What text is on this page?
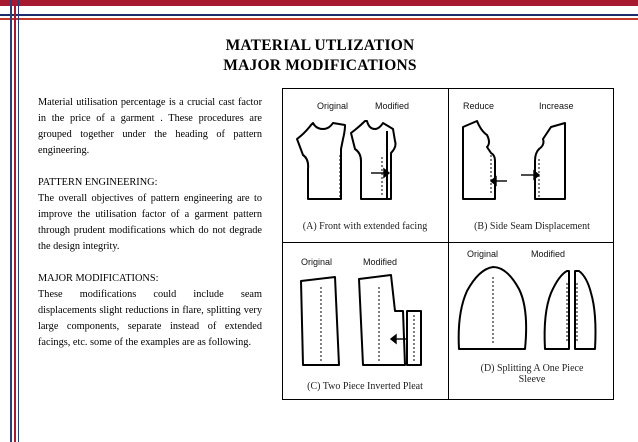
MATERIAL UTLIZATION
MAJOR MODIFICATIONS

Material utilisation percentage is a crucial cast factor in the price of a garment . These procedures are grouped together under the heading of pattern engineering.

PATTERN ENGINEERING:

The overall objectives of pattern engineering are to improve the utilisation factor of a garment pattern through prudent modifications which do not degrade the design integrity.

MAJOR MODIFICATIONS:

These modifications could include seam displacements slight reductions in flare, splitting very large components, separate instead of extended facings, etc. some of the examples are as following.

Original	Modified
(A) Front with extended facing
Reduce	Increase
(B) Side Seam Displacement
Original	Modified
(C) Two Piece Inverted Pleat
Original	Modified
(D) Splitting A One Piece
Sleeve
